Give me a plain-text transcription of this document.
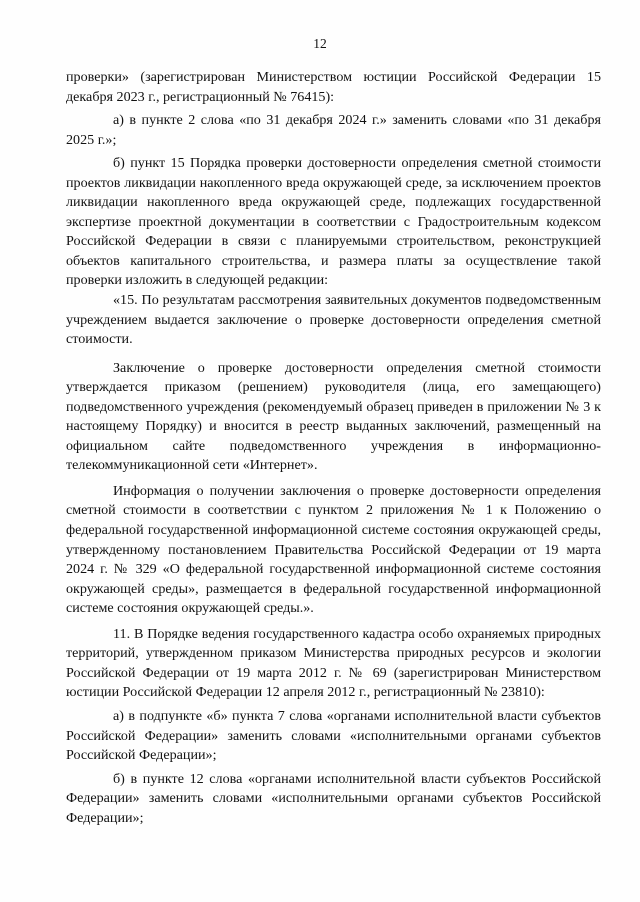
12

проверки» (зарегистрирован Министерством юстиции Российской Федерации 15 декабря 2023 г., регистрационный № 76415):

а) в пункте 2 слова «по 31 декабря 2024 г.» заменить словами «по 31 декабря 2025 г.»;

б) пункт 15 Порядка проверки достоверности определения сметной стоимости проектов ликвидации накопленного вреда окружающей среде, за исключением проектов ликвидации накопленного вреда окружающей среде, подлежащих государственной экспертизе проектной документации в соответствии с Градостроительным кодексом Российской Федерации в связи с планируемыми строительством, реконструкцией объектов капитального строительства, и размера платы за осуществление такой проверки изложить в следующей редакции:

«15. По результатам рассмотрения заявительных документов подведомственным учреждением выдается заключение о проверке достоверности определения сметной стоимости.

Заключение о проверке достоверности определения сметной стоимости утверждается приказом (решением) руководителя (лица, его замещающего) подведомственного учреждения (рекомендуемый образец приведен в приложении № 3 к настоящему Порядку) и вносится в реестр выданных заключений, размещенный на официальном сайте подведомственного учреждения в информационно-телекоммуникационной сети «Интернет».

Информация о получении заключения о проверке достоверности определения сметной стоимости в соответствии с пунктом 2 приложения № 1 к Положению о федеральной государственной информационной системе состояния окружающей среды, утвержденному постановлением Правительства Российской Федерации от 19 марта 2024 г. № 329 «О федеральной государственной информационной системе состояния окружающей среды», размещается в федеральной государственной информационной системе состояния окружающей среды.».

11. В Порядке ведения государственного кадастра особо охраняемых природных территорий, утвержденном приказом Министерства природных ресурсов и экологии Российской Федерации от 19 марта 2012 г. № 69 (зарегистрирован Министерством юстиции Российской Федерации 12 апреля 2012 г., регистрационный № 23810):

а) в подпункте «б» пункта 7 слова «органами исполнительной власти субъектов Российской Федерации» заменить словами «исполнительными органами субъектов Российской Федерации»;

б) в пункте 12 слова «органами исполнительной власти субъектов Российской Федерации» заменить словами «исполнительными органами субъектов Российской Федерации»;
